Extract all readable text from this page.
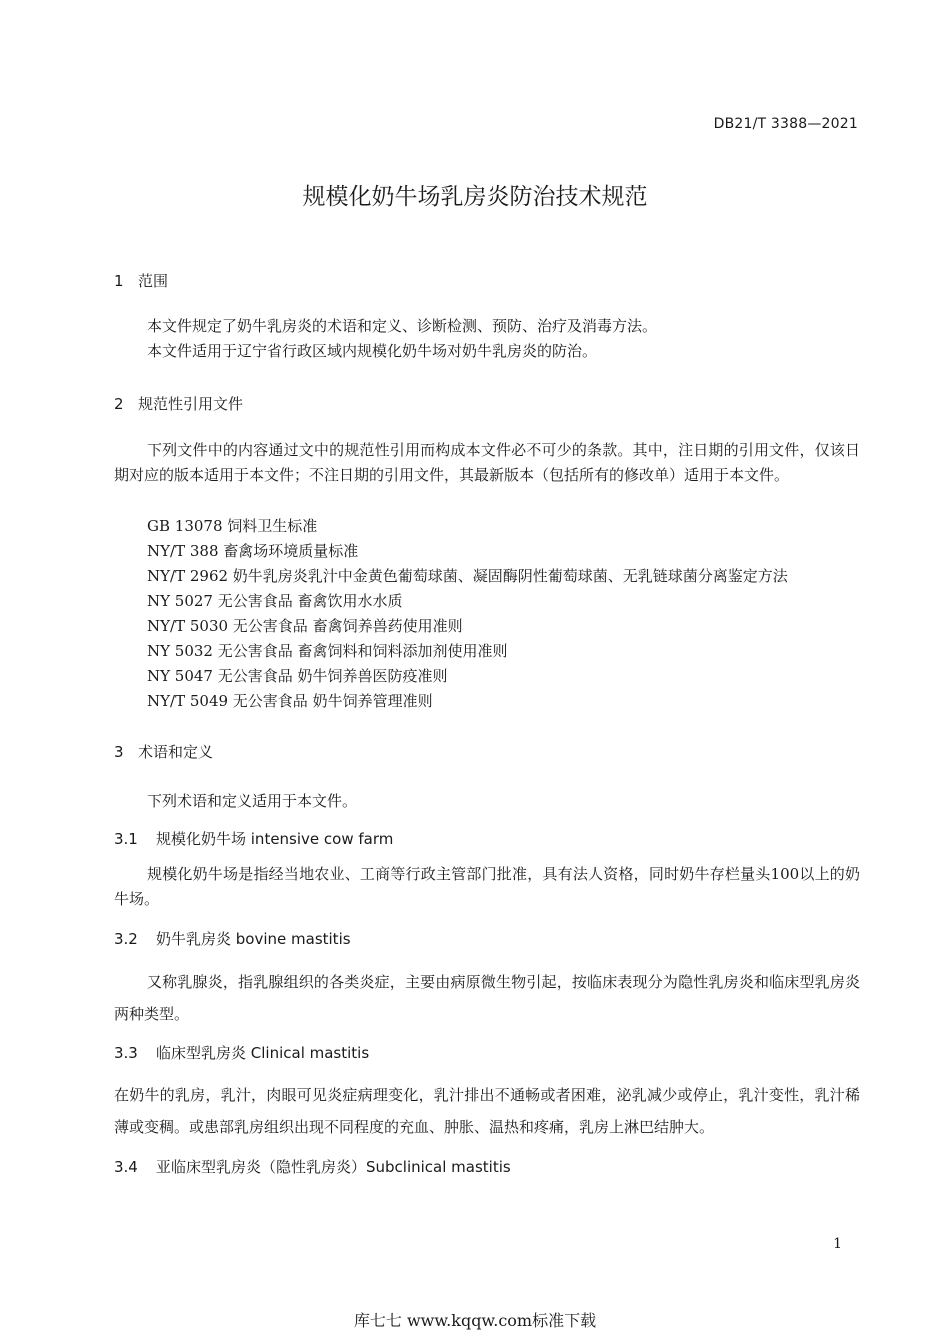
DB21/T 3388—2021
规模化奶牛场乳房炎防治技术规范
1 范围
本文件规定了奶牛乳房炎的术语和定义、诊断检测、预防、治疗及消毒方法。
本文件适用于辽宁省行政区域内规模化奶牛场对奶牛乳房炎的防治。
2 规范性引用文件
下列文件中的内容通过文中的规范性引用而构成本文件必不可少的条款。其中，注日期的引用文件，仅该日期对应的版本适用于本文件；不注日期的引用文件，其最新版本（包括所有的修改单）适用于本文件。
GB 13078 饲料卫生标准
NY/T 388 畜禽场环境质量标准
NY/T 2962 奶牛乳房炎乳汁中金黄色葡萄球菌、凝固酶阴性葡萄球菌、无乳链球菌分离鉴定方法
NY 5027 无公害食品 畜禽饮用水水质
NY/T 5030 无公害食品 畜禽饲养兽药使用准则
NY 5032 无公害食品 畜禽饲料和饲料添加剂使用准则
NY 5047 无公害食品 奶牛饲养兽医防疫准则
NY/T 5049 无公害食品 奶牛饲养管理准则
3 术语和定义
下列术语和定义适用于本文件。
3.1 规模化奶牛场 intensive cow farm
规模化奶牛场是指经当地农业、工商等行政主管部门批准，具有法人资格，同时奶牛存栏量头100以上的奶牛场。
3.2 奶牛乳房炎 bovine mastitis
又称乳腺炎，指乳腺组织的各类炎症，主要由病原微生物引起，按临床表现分为隐性乳房炎和临床型乳房炎两种类型。
3.3 临床型乳房炎 Clinical mastitis
在奶牛的乳房，乳汁，肉眼可见炎症病理变化，乳汁排出不通畅或者困难，泌乳减少或停止，乳汁变性，乳汁稀薄或变稠。或患部乳房组织出现不同程度的充血、肿胀、温热和疼痛，乳房上淋巴结肿大。
3.4 亚临床型乳房炎（隐性乳房炎）Subclinical mastitis
1
库七七 www.kqqw.com标准下载
